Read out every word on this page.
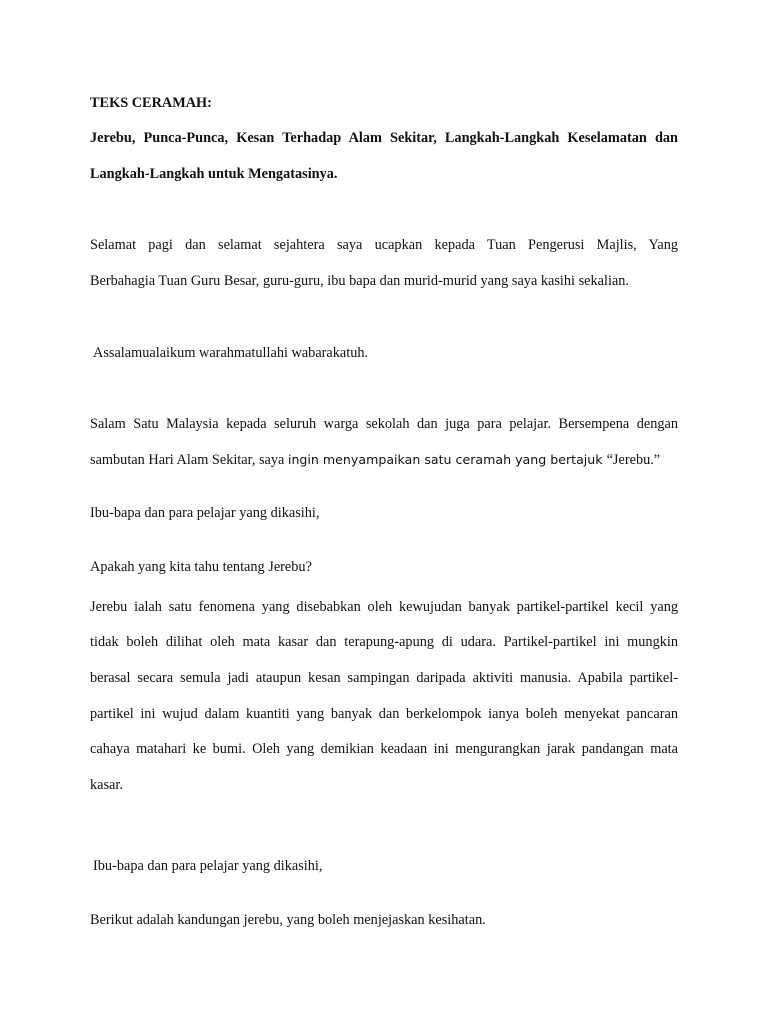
TEKS CERAMAH:
Jerebu, Punca-Punca, Kesan Terhadap Alam Sekitar, Langkah-Langkah Keselamatan dan
Langkah-Langkah untuk Mengatasinya.
Selamat pagi dan selamat sejahtera saya ucapkan kepada Tuan Pengerusi Majlis, Yang
Berbahagia Tuan Guru Besar, guru-guru, ibu bapa dan murid-murid yang saya kasihi sekalian.
Assalamualaikum warahmatullahi wabarakatuh.
Salam Satu Malaysia kepada seluruh warga sekolah dan juga para pelajar. Bersempena dengan
sambutan Hari Alam Sekitar, saya ingin menyampaikan satu ceramah yang bertajuk “Jerebu.”
Ibu-bapa dan para pelajar yang dikasihi,
Apakah yang kita tahu tentang Jerebu?
Jerebu ialah satu fenomena yang disebabkan oleh kewujudan banyak partikel-partikel kecil yang
tidak boleh dilihat oleh mata kasar dan terapung-apung di udara. Partikel-partikel ini mungkin
berasal secara semula jadi ataupun kesan sampingan daripada aktiviti manusia. Apabila partikel-
partikel ini wujud dalam kuantiti yang banyak dan berkelompok ianya boleh menyekat pancaran
cahaya matahari ke bumi. Oleh yang demikian keadaan ini mengurangkan jarak pandangan mata
kasar.
Ibu-bapa dan para pelajar yang dikasihi,
Berikut adalah kandungan jerebu, yang boleh menjejaskan kesihatan.
